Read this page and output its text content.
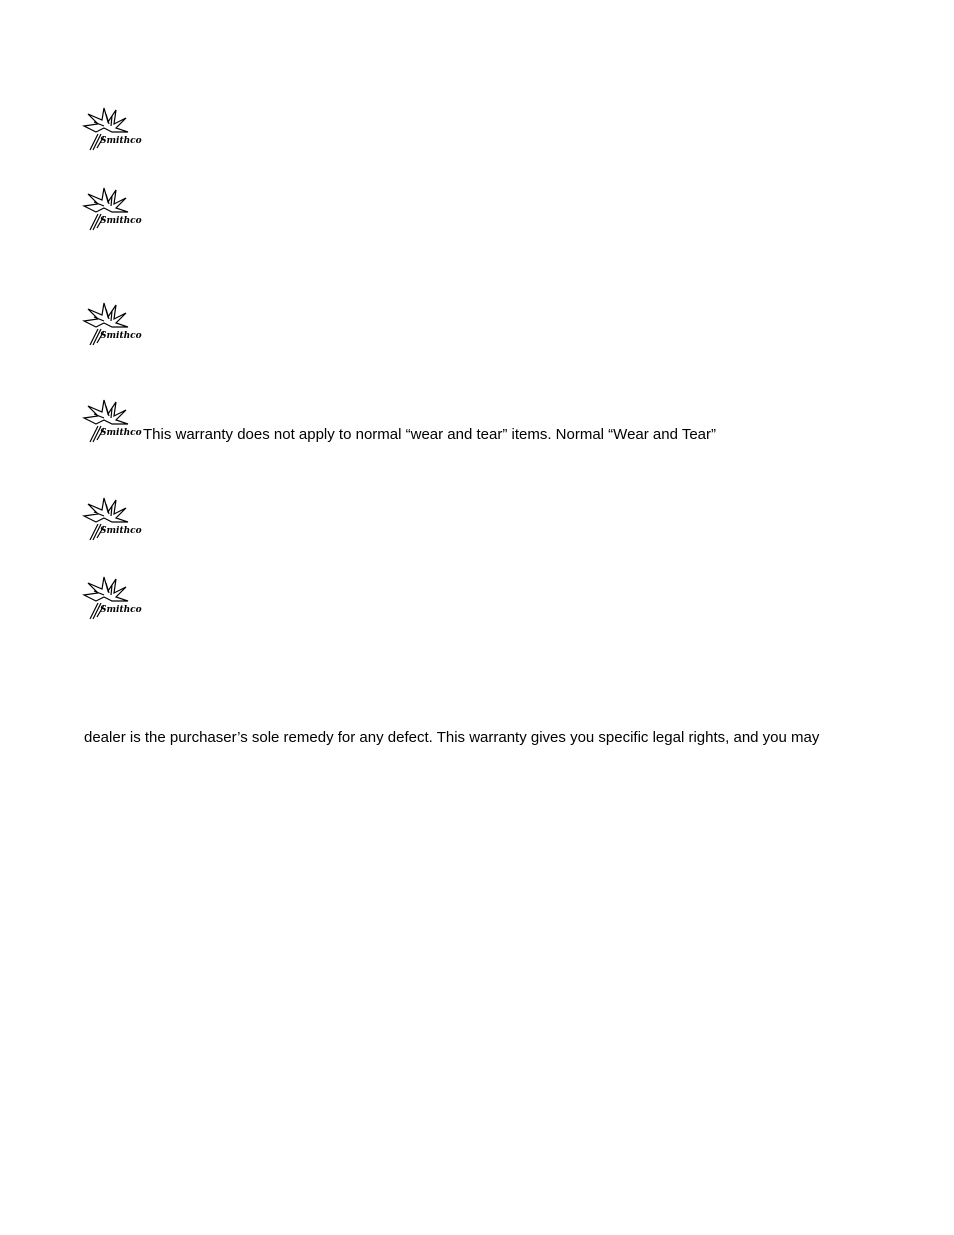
This warranty does not apply to normal “wear and tear” items. Normal “Wear and Tear”
dealer is the purchaser’s sole remedy for any defect. This warranty gives you specific legal rights, and you may
